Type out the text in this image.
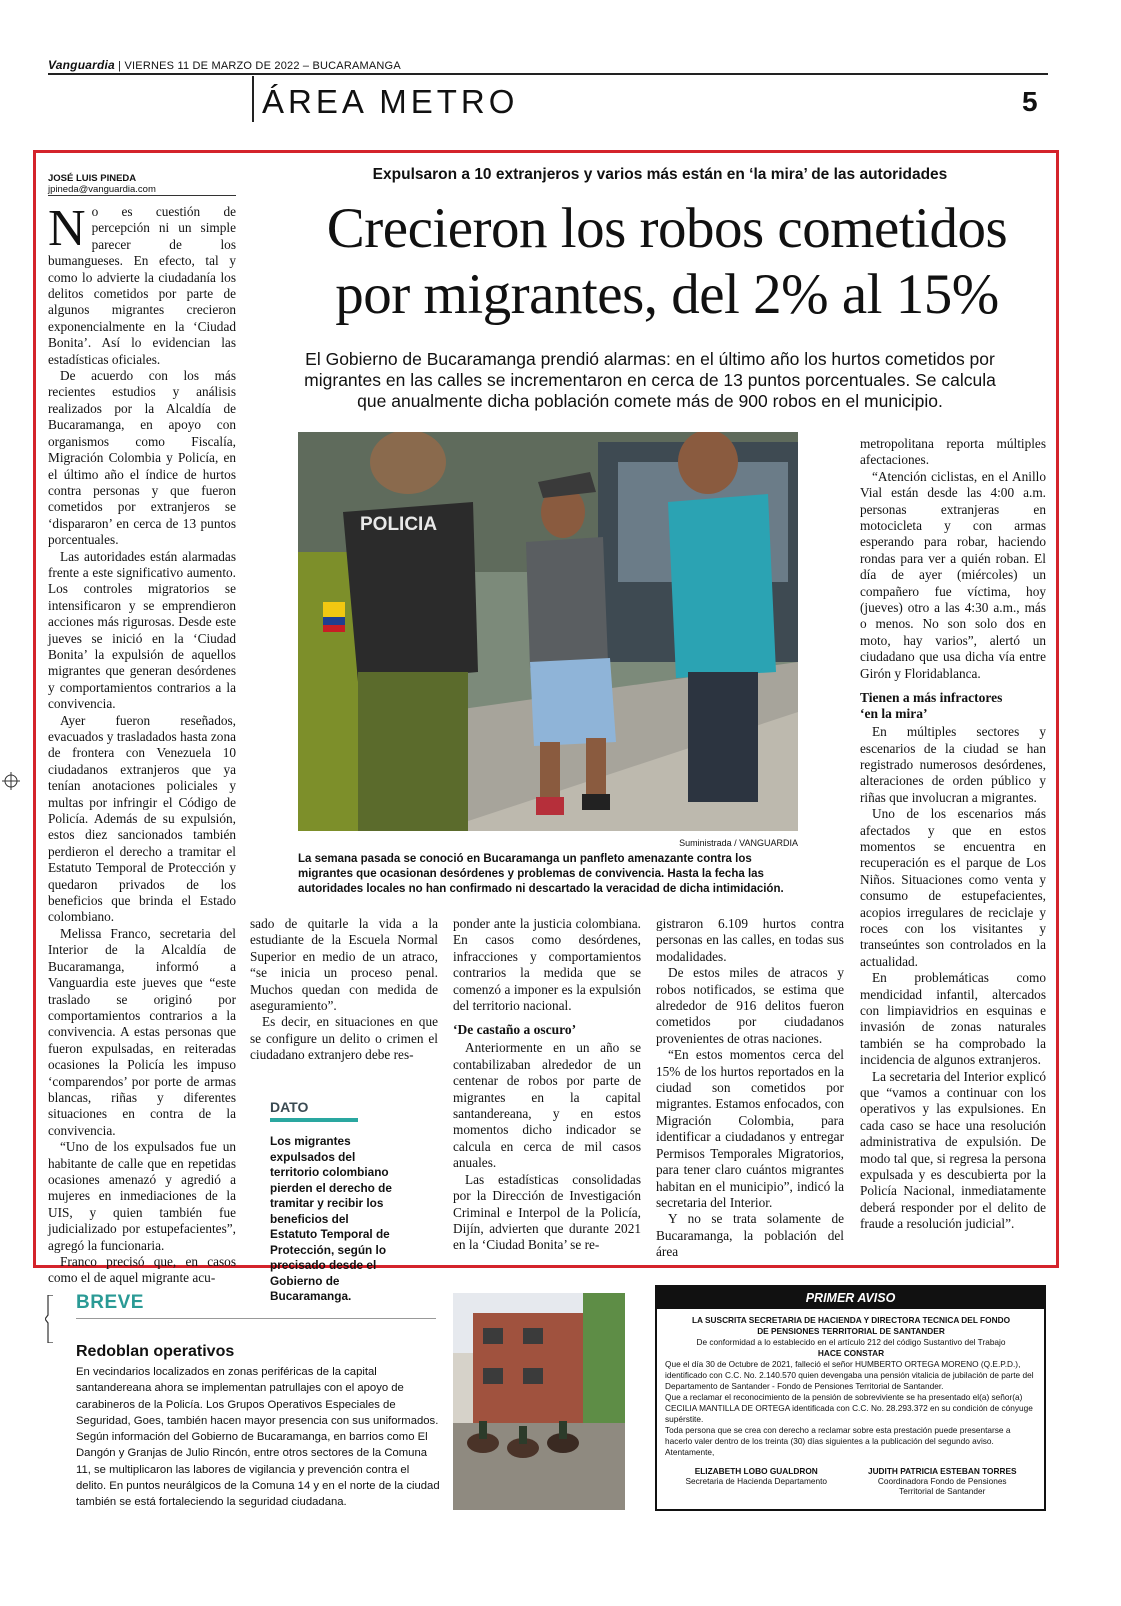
Vanguardia | VIERNES 11 DE MARZO DE 2022 – BUCARAMANGA
ÁREA METRO	5
JOSÉ LUIS PINEDA
jpineda@vanguardia.com
Expulsaron a 10 extranjeros y varios más están en ‘la mira’ de las autoridades
Crecieron los robos cometidos
por migrantes, del 2% al 15%
El Gobierno de Bucaramanga prendió alarmas: en el último año los hurtos cometidos por
migrantes en las calles se incrementaron en cerca de 13 puntos porcentuales. Se calcula
que anualmente dicha población comete más de 900 robos en el municipio.

No es cuestión de percepción ni un simple parecer de los bumangueses. En efecto, tal y como lo advierte la ciudadanía los delitos cometidos por parte de algunos migrantes crecieron exponencialmente en la ‘Ciudad Bonita’. Así lo evidencian las estadísticas oficiales.

De acuerdo con los más recientes estudios y análisis realizados por la Alcaldía de Bucaramanga, en apoyo con organismos como Fiscalía, Migración Colombia y Policía, en el último año el índice de hurtos contra personas y que fueron cometidos por extranjeros se ‘dispararon’ en cerca de 13 puntos porcentuales.

Las autoridades están alarmadas frente a este significativo aumento. Los controles migratorios se intensificaron y se emprendieron acciones más rigurosas. Desde este jueves se inició en la ‘Ciudad Bonita’ la expulsión de aquellos migrantes que generan desórdenes y comportamientos contrarios a la convivencia.

Ayer fueron reseñados, evacuados y trasladados hasta zona de frontera con Venezuela 10 ciudadanos extranjeros que ya tenían anotaciones policiales y multas por infringir el Código de Policía. Además de su expulsión, estos diez sancionados también perdieron el derecho a tramitar el Estatuto Temporal de Protección y quedaron privados de los beneficios que brinda el Estado colombiano.

Melissa Franco, secretaria del Interior de la Alcaldía de Bucaramanga, informó a Vanguardia este jueves que “este traslado se originó por comportamientos contrarios a la convivencia. A estas personas que fueron expulsadas, en reiteradas ocasiones la Policía les impuso ‘comparendos’ por porte de armas blancas, riñas y diferentes situaciones en contra de la convivencia.

“Uno de los expulsados fue un habitante de calle que en repetidas ocasiones amenazó y agredió a mujeres en inmediaciones de la UIS, y quien también fue judicializado por estupefacientes”, agregó la funcionaria.

Franco precisó que, en casos como el de aquel migrante acu-

POLICIA
Suministrada / VANGUARDIA
La semana pasada se conoció en Bucaramanga un panfleto amenazante contra los migrantes que ocasionan desórdenes y problemas de convivencia. Hasta la fecha las autoridades locales no han confirmado ni descartado la veracidad de dicha intimidación.

sado de quitarle la vida a la estudiante de la Escuela Normal Superior en medio de un atraco, “se inicia un proceso penal. Muchos quedan con medida de aseguramiento”.

Es decir, en situaciones en que se configure un delito o crimen el ciudadano extranjero debe res-

DATO
Los migrantes expulsados del territorio colombiano pierden el derecho de tramitar y recibir los beneficios del Estatuto Temporal de Protección, según lo precisado desde el Gobierno de Bucaramanga.

ponder ante la justicia colombiana. En casos como desórdenes, infracciones y comportamientos contrarios la medida que se comenzó a imponer es la expulsión del territorio nacional.

‘De castaño a oscuro’

Anteriormente en un año se contabilizaban alrededor de un centenar de robos por parte de migrantes en la capital santandereana, y en estos momentos dicho indicador se calcula en cerca de mil casos anuales.

Las estadísticas consolidadas por la Dirección de Investigación Criminal e Interpol de la Policía, Dijín, advierten que durante 2021 en la ‘Ciudad Bonita’ se re-

gistraron 6.109 hurtos contra personas en las calles, en todas sus modalidades.

De estos miles de atracos y robos notificados, se estima que alrededor de 916 delitos fueron cometidos por ciudadanos provenientes de otras naciones.

“En estos momentos cerca del 15% de los hurtos reportados en la ciudad son cometidos por migrantes. Estamos enfocados, con Migración Colombia, para identificar a ciudadanos y entregar Permisos Temporales Migratorios, para tener claro cuántos migrantes habitan en el municipio”, indicó la secretaria del Interior.

Y no se trata solamente de Bucaramanga, la población del área

metropolitana reporta múltiples afectaciones.

“Atención ciclistas, en el Anillo Vial están desde las 4:00 a.m. personas extranjeras en motocicleta y con armas esperando para robar, haciendo rondas para ver a quién roban. El día de ayer (miércoles) un compañero fue víctima, hoy (jueves) otro a las 4:30 a.m., más o menos. No son solo dos en moto, hay varios”, alertó un ciudadano que usa dicha vía entre Girón y Floridablanca.

Tienen a más infractores
‘en la mira’

En múltiples sectores y escenarios de la ciudad se han registrado numerosos desórdenes, alteraciones de orden público y riñas que involucran a migrantes.

Uno de los escenarios más afectados y que en estos momentos se encuentra en recuperación es el parque de Los Niños. Situaciones como venta y consumo de estupefacientes, acopios irregulares de reciclaje y roces con los visitantes y transeúntes son controlados en la actualidad.

En problemáticas como mendicidad infantil, altercados con limpiavidrios en esquinas e invasión de zonas naturales también se ha comprobado la incidencia de algunos extranjeros.

La secretaria del Interior explicó que “vamos a continuar con los operativos y las expulsiones. En cada caso se hace una resolución administrativa de expulsión. De modo tal que, si regresa la persona expulsada y es descubierta por la Policía Nacional, inmediatamente deberá responder por el delito de fraude a resolución judicial”.

BREVE
Redoblan operativos
En vecindarios localizados en zonas periféricas de la capital santandereana ahora se implementan patrullajes con el apoyo de carabineros de la Policía. Los Grupos Operativos Especiales de Seguridad, Goes, también hacen mayor presencia con sus uniformados.
Según información del Gobierno de Bucaramanga, en barrios como El Dangón y Granjas de Julio Rincón, entre otros sectores de la Comuna 11, se multiplicaron las labores de vigilancia y prevención contra el delito. En puntos neurálgicos de la Comuna 14 y en el norte de la ciudad también se está fortaleciendo la seguridad ciudadana.
PRIMER AVISO
LA SUSCRITA SECRETARIA DE HACIENDA Y DIRECTORA TECNICA DEL FONDO
DE PENSIONES TERRITORIAL DE SANTANDER
De conformidad a lo establecido en el artículo 212 del código Sustantivo del Trabajo
HACE CONSTAR
Que el día 30 de Octubre de 2021, falleció el señor HUMBERTO ORTEGA MORENO (Q.E.P.D.), identificado con C.C. No. 2.140.570 quien devengaba una pensión vitalicia de jubilación de parte del Departamento de Santander - Fondo de Pensiones Territorial de Santander.
Que a reclamar el reconocimiento de la pensión de sobreviviente se ha presentado el(a) señor(a) CECILIA MANTILLA DE ORTEGA identificada con C.C. No. 28.293.372 en su condición de cónyuge supérstite.
Toda persona que se crea con derecho a reclamar sobre esta prestación puede presentarse a hacerlo valer dentro de los treinta (30) días siguientes a la publicación del segundo aviso.
Atentamente,
ELIZABETH LOBO GUALDRON
Secretaria de Hacienda Departamento
JUDITH PATRICIA ESTEBAN TORRES
Coordinadora Fondo de Pensiones
Territorial de Santander
